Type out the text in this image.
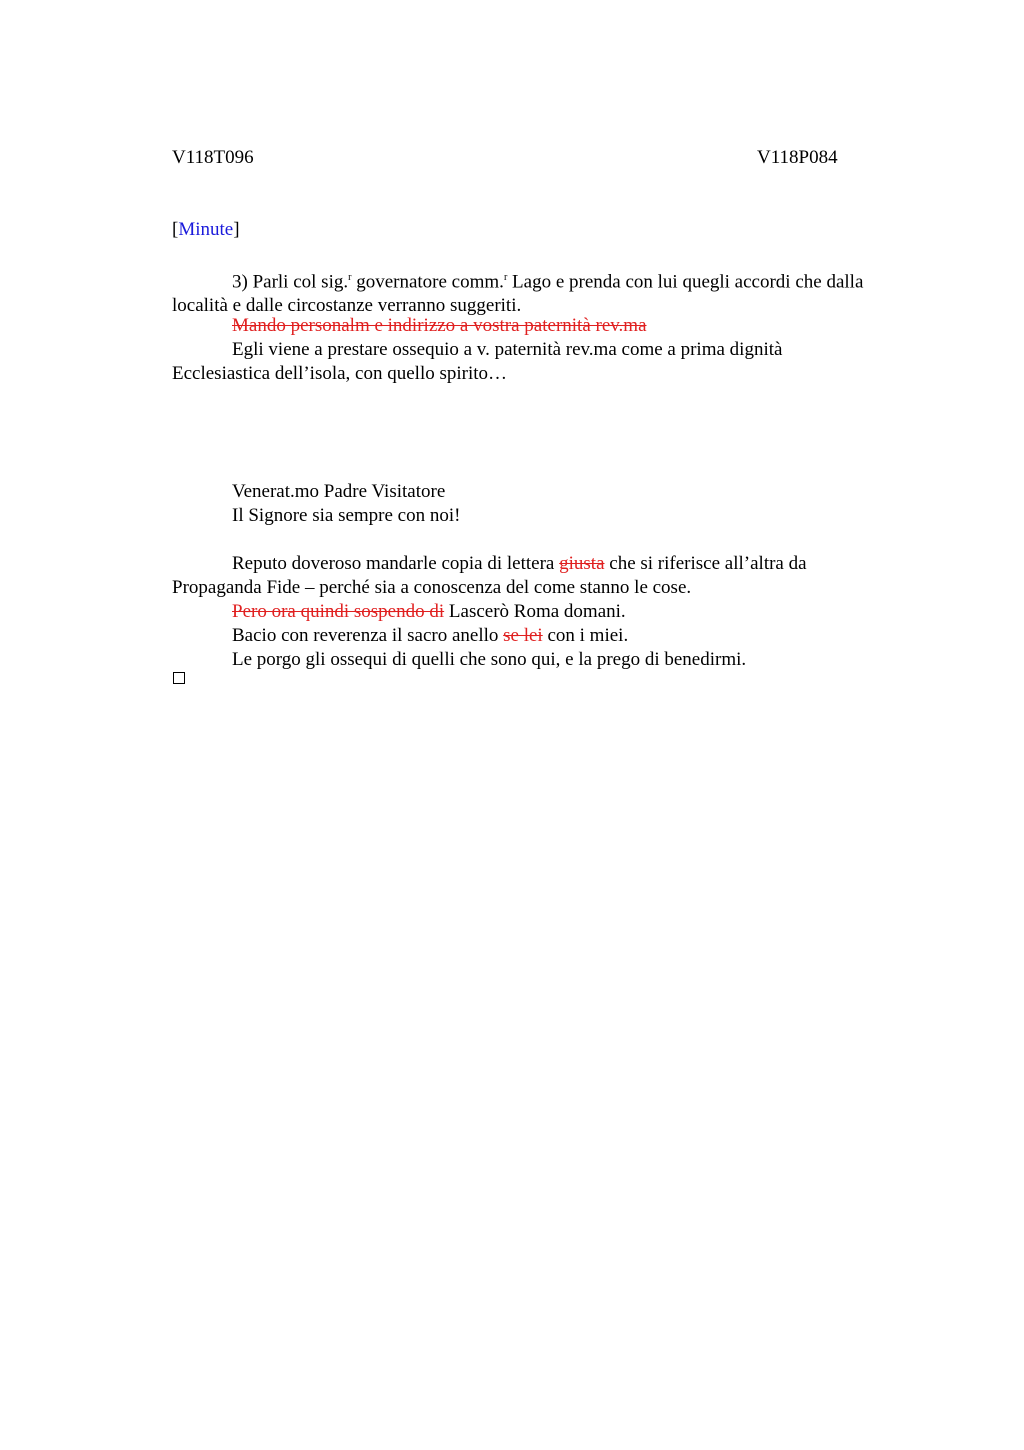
V118T096	V118P084
[Minute]
3) Parli col sig.$^r$ governatore comm.$^r$ Lago e prenda con lui quegli accordi che dalla
località e dalle circostanze verranno suggeriti.
Mando personalm e indirizzo a vostra paternità rev.ma
Egli viene a prestare ossequio a v. paternità rev.ma come a prima dignità
Ecclesiastica dell’isola, con quello spirito…
Venerat.mo Padre Visitatore
Il Signore sia sempre con noi!
Reputo doveroso mandarle copia di lettera giusta che si riferisce all’altra da
Propaganda Fide – perché sia a conoscenza del come stanno le cose.
Pero ora quindi sospendo di Lascerò Roma domani.
Bacio con reverenza il sacro anello se lei con i miei.
Le porgo gli ossequi di quelli che sono qui, e la prego di benedirmi.
